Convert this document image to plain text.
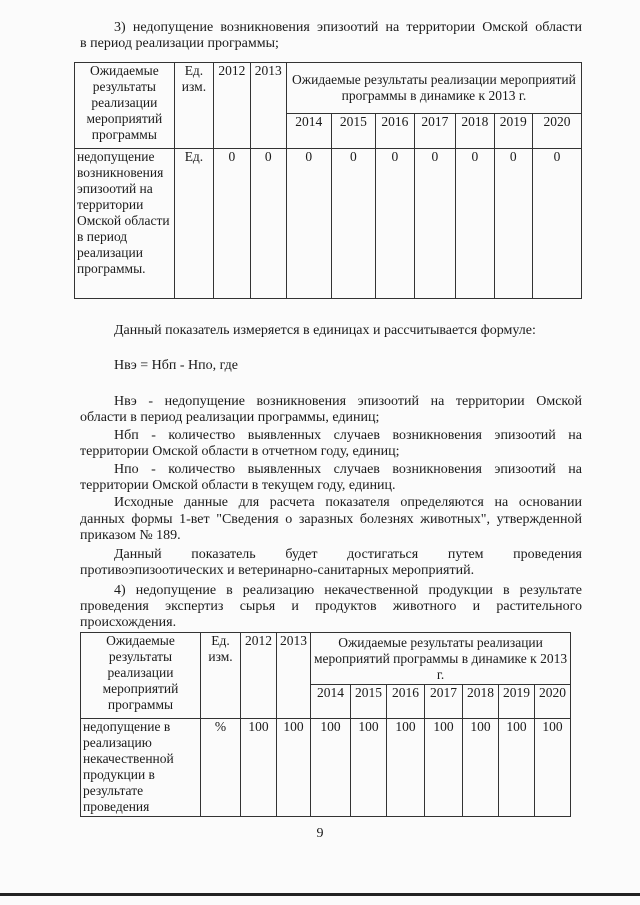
3) недопущение возникновения эпизоотий на территории Омской области

в период реализации программы;

Ожидаемые результаты реализации мероприятий программы	Ед. изм.	2012	2013	Ожидаемые результаты реализации мероприятий программы в динамике к 2013 г.						
				2014	2015	2016	2017	2018	2019	2020
недопущение возникновения эпизоотий на территории Омской области в период реализации программы.	Ед.	0	0	0	0	0	0	0	0	0

Данный показатель измеряется в единицах и рассчитывается формуле:

Нвэ = Нбп - Нпо, где

Нвэ - недопущение возникновения эпизоотий на территории Омской

области в период реализации программы, единиц;

Нбп - количество выявленных случаев возникновения эпизоотий на

территории Омской области в отчетном году, единиц;

Нпо - количество выявленных случаев возникновения эпизоотий на

территории Омской области в текущем году, единиц.

Исходные данные для расчета показателя определяются на основании

данных формы 1-вет "Сведения о заразных болезнях животных", утвержденной

приказом № 189.

Данный показатель будет достигаться путем проведения

противоэпизоотических и ветеринарно-санитарных мероприятий.

4) недопущение в реализацию некачественной продукции в результате

проведения экспертиз сырья и продуктов животного и растительного

происхождения.

Ожидаемые результаты реализации мероприятий программы	Ед. изм.	2012	2013	Ожидаемые результаты реализации мероприятий программы в динамике к 2013 г.						
				2014	2015	2016	2017	2018	2019	2020
недопущение в реализацию некачественной продукции в результате проведения	%	100	100	100	100	100	100	100	100	100
9
